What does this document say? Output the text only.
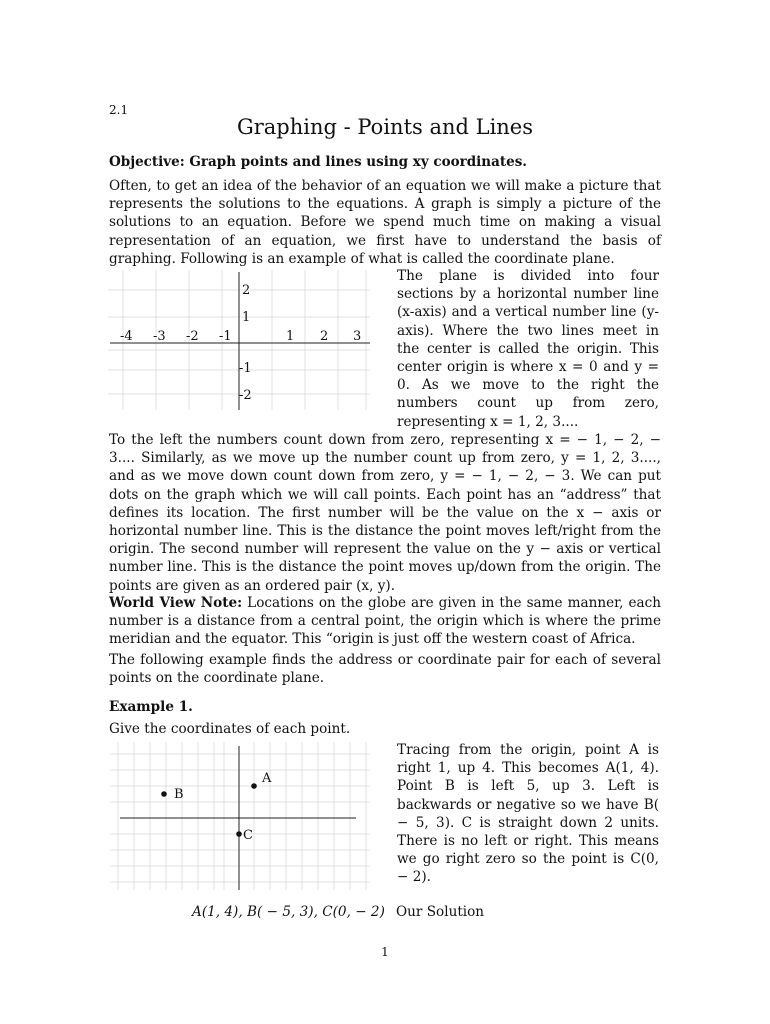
2.1
Graphing - Points and Lines
Objective: Graph points and lines using xy coordinates.
Often, to get an idea of the behavior of an equation we will make a picture that represents the solutions to the equations. A graph is simply a picture of the solutions to an equation. Before we spend much time on making a visual representation of an equation, we first have to understand the basis of graphing. Following is an example of what is called the coordinate plane.
-4 -3 -2 -1	1 2 3
2
1
-1
-2
The plane is divided into four sections by a horizontal number line (x-axis) and a vertical number line (y-axis). Where the two lines meet in the center is called the origin. This center origin is where x = 0 and y = 0. As we move to the right the numbers count up from zero, representing x = 1, 2, 3....
To the left the numbers count down from zero, representing x = − 1, − 2, − 3.... Similarly, as we move up the number count up from zero, y = 1, 2, 3...., and as we move down count down from zero, y = − 1, − 2, − 3. We can put dots on the graph which we will call points. Each point has an “address” that defines its location. The first number will be the value on the x − axis or horizontal number line. This is the distance the point moves left/right from the origin. The second number will represent the value on the y − axis or vertical number line. This is the distance the point moves up/down from the origin. The points are given as an ordered pair (x, y).
World View Note: Locations on the globe are given in the same manner, each number is a distance from a central point, the origin which is where the prime meridian and the equator. This “origin is just off the western coast of Africa.
The following example finds the address or coordinate pair for each of several points on the coordinate plane.
Example 1.
Give the coordinates of each point.
A
B
C
Tracing from the origin, point A is right 1, up 4. This becomes A(1, 4). Point B is left 5, up 3. Left is backwards or negative so we have B( − 5, 3). C is straight down 2 units. There is no left or right. This means we go right zero so the point is C(0, − 2).
A(1, 4), B( − 5, 3), C(0, − 2) Our Solution
1
